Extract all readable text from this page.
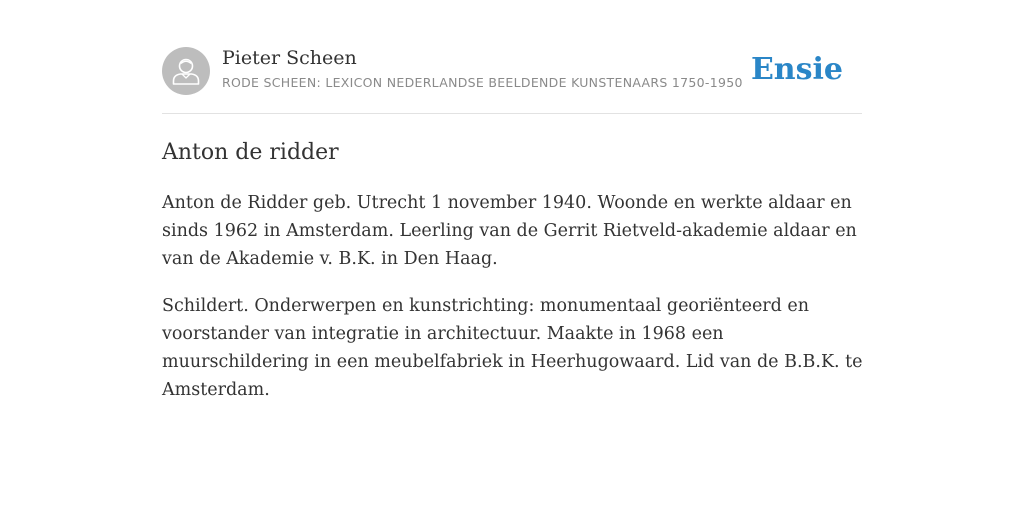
Pieter Scheen
RODE SCHEEN: LEXICON NEDERLANDSE BEELDENDE KUNSTENAARS 1750-1950 Ensie
Anton de ridder

Anton de Ridder geb. Utrecht 1 november 1940. Woonde en werkte aldaar en sinds 1962 in Amsterdam. Leerling van de Gerrit Rietveld-akademie aldaar en van de Akademie v. B.K. in Den Haag.

Schildert. Onderwerpen en kunstrichting: monumentaal georiënteerd en voorstander van integratie in architectuur. Maakte in 1968 een muurschildering in een meubelfabriek in Heerhugowaard. Lid van de B.B.K. te Amsterdam.
